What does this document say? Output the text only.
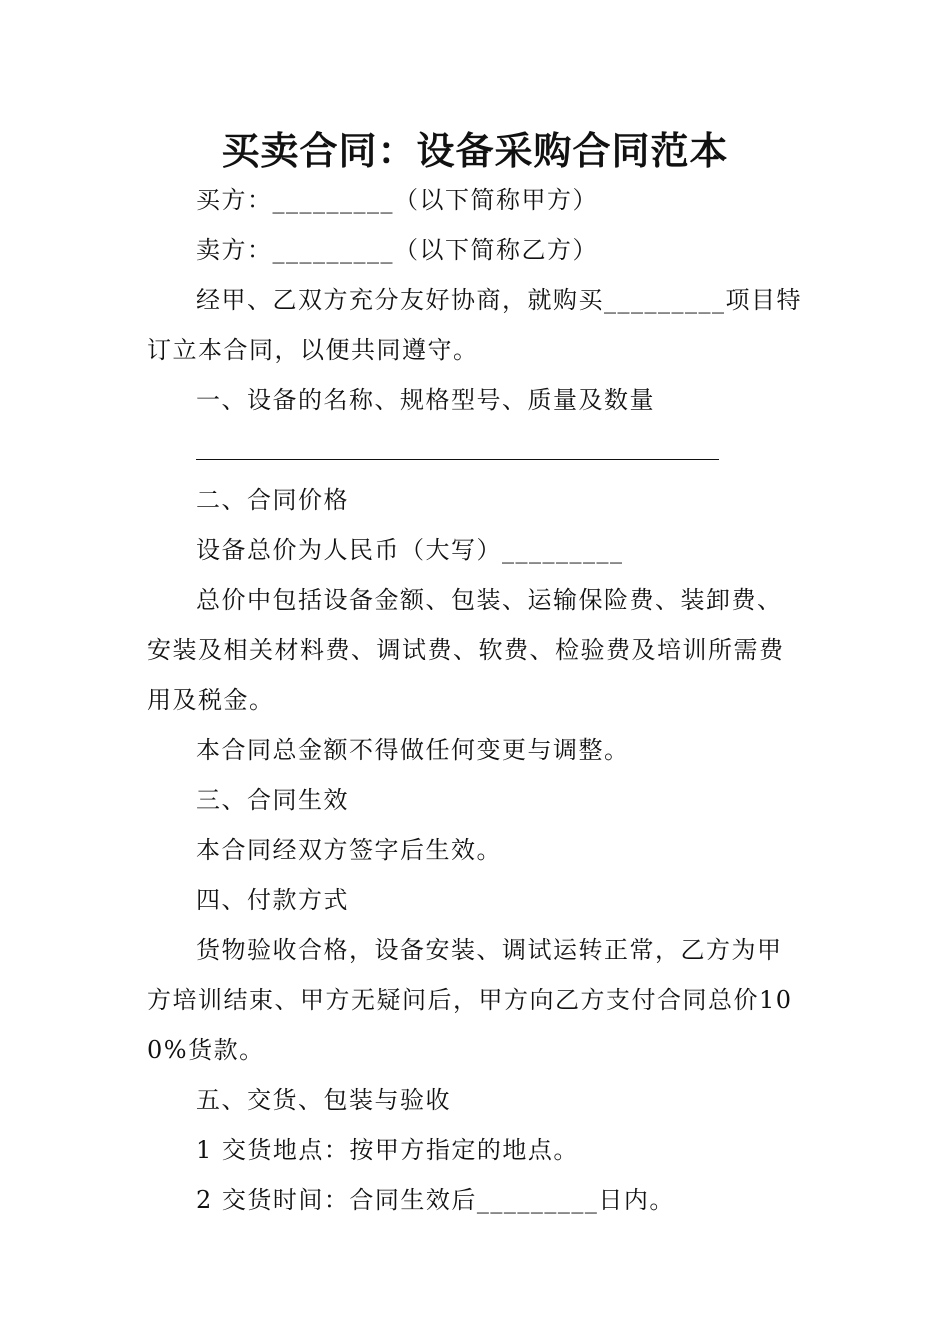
买卖合同：设备采购合同范本

买方：_________（以下简称甲方）

卖方：_________（以下简称乙方）

经甲、乙双方充分友好协商，就购买_________项目特订立本合同，以便共同遵守。

一、设备的名称、规格型号、质量及数量

二、合同价格

设备总价为人民币（大写）_________

总价中包括设备金额、包装、运输保险费、装卸费、安装及相关材料费、调试费、软费、检验费及培训所需费用及税金。

本合同总金额不得做任何变更与调整。

三、合同生效

本合同经双方签字后生效。

四、付款方式

货物验收合格，设备安装、调试运转正常，乙方为甲方培训结束、甲方无疑问后，甲方向乙方支付合同总价100%货款。

五、交货、包装与验收

1 交货地点：按甲方指定的地点。

2 交货时间：合同生效后_________日内。
